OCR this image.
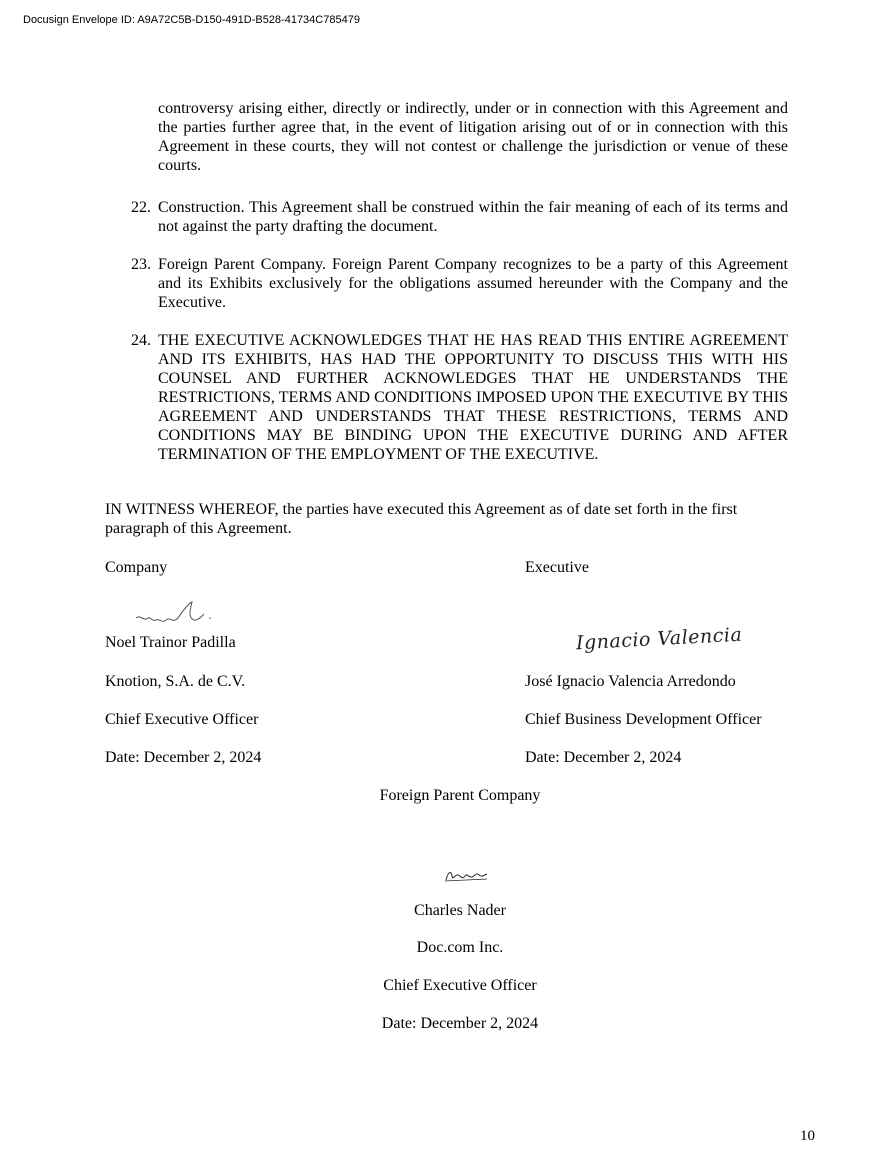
Docusign Envelope ID: A9A72C5B-D150-491D-B528-41734C785479
controversy arising either, directly or indirectly, under or in connection with this Agreement and the parties further agree that, in the event of litigation arising out of or in connection with this Agreement in these courts, they will not contest or challenge the jurisdiction or venue of these courts.
22. Construction. This Agreement shall be construed within the fair meaning of each of its terms and not against the party drafting the document.
23. Foreign Parent Company. Foreign Parent Company recognizes to be a party of this Agreement and its Exhibits exclusively for the obligations assumed hereunder with the Company and the Executive.
24. THE EXECUTIVE ACKNOWLEDGES THAT HE HAS READ THIS ENTIRE AGREEMENT AND ITS EXHIBITS, HAS HAD THE OPPORTUNITY TO DISCUSS THIS WITH HIS COUNSEL AND FURTHER ACKNOWLEDGES THAT HE UNDERSTANDS THE RESTRICTIONS, TERMS AND CONDITIONS IMPOSED UPON THE EXECUTIVE BY THIS AGREEMENT AND UNDERSTANDS THAT THESE RESTRICTIONS, TERMS AND CONDITIONS MAY BE BINDING UPON THE EXECUTIVE DURING AND AFTER TERMINATION OF THE EMPLOYMENT OF THE EXECUTIVE.
IN WITNESS WHEREOF, the parties have executed this Agreement as of date set forth in the first paragraph of this Agreement.
Company
Noel Trainor Padilla
Knotion, S.A. de C.V.
Chief Executive Officer
Date: December 2, 2024
Executive
Ignacio Valencia
José Ignacio Valencia Arredondo
Chief Business Development Officer
Date: December 2, 2024
Foreign Parent Company
Charles Nader
Doc.com Inc.
Chief Executive Officer
Date: December 2, 2024
10
